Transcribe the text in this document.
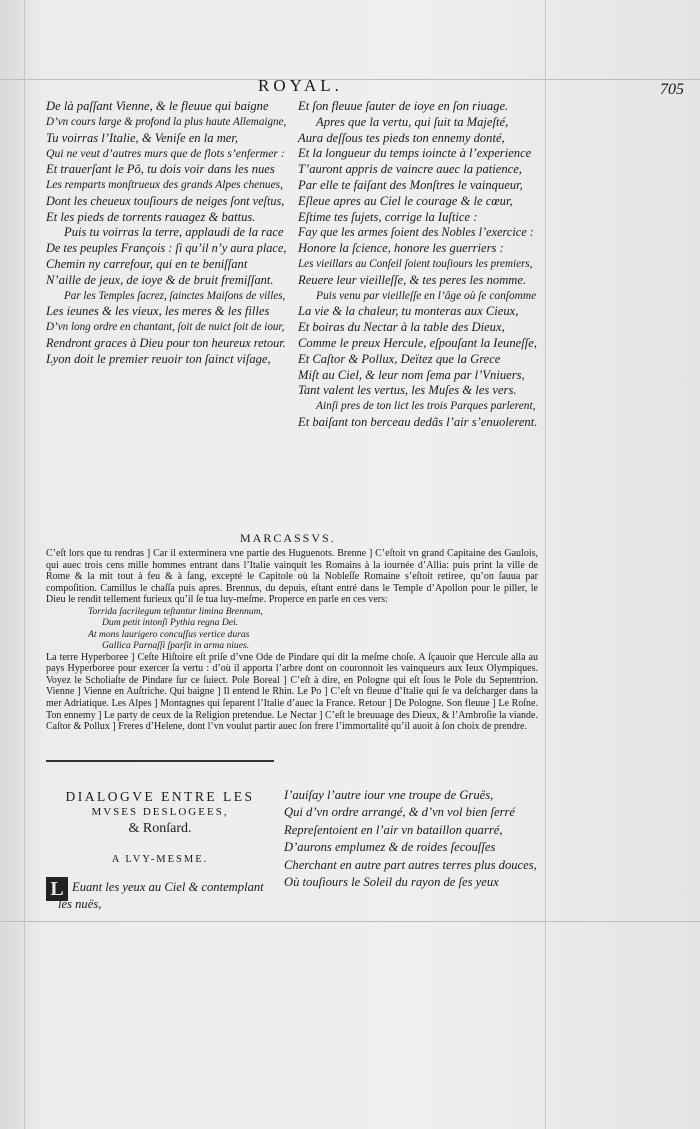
ROYAL.	705
De là paſſant Vienne, & le fleuue qui baigne
D’vn cours large & profond la plus haute Allemaigne,
Tu voirras l’Italie, & Veniſe en la mer,
Qui ne veut d’autres murs que de flots s’enfermer :
Et trauerſant le Pô, tu dois voir dans les nues
Les remparts monſtrueux des grands Alpes chenues,
Dont les cheueux touſiours de neiges ſont veſtus,
Et les pieds de torrents rauagez & battus.
Puis tu voirras la terre, applaudi de la race
De tes peuples François : ſi qu’il n’y aura place,
Chemin ny carrefour, qui en te beniſſant
N’aille de jeux, de ioye & de bruit fremiſſant.
Par les Temples ſacrez, ſainctes Maiſons de villes,
Les ieunes & les vieux, les meres & les filles
D’vn long ordre en chantant, ſoit de nuict ſoit de iour,
Rendront graces à Dieu pour ton heureux retour.
Lyon doit le premier reuoir ton ſainct viſage,
Et ſon fleuue ſauter de ioye en ſon riuage.
Apres que la vertu, qui ſuit ta Majeſté,
Aura deſſous tes pieds ton ennemy donté,
Et la longueur du temps ioincte à l’experience
T’auront appris de vaincre auec la patience,
Par elle te faiſant des Monſtres le vainqueur,
Eſleue apres au Ciel le courage & le cœur,
Eſtime tes ſujets, corrige la Iuſtice :
Fay que les armes ſoient des Nobles l’exercice :
Honore la ſcience, honore les guerriers :
Les vieillars au Conſeil ſoient touſiours les premiers,
Reuere leur vieilleſſe, & tes peres les nomme.
Puis venu par vieilleſſe en l’âge où ſe conſomme
La vie & la chaleur, tu monteras aux Cieux,
Et boiras du Nectar à la table des Dieux,
Comme le preux Hercule, eſpouſant la Ieuneſſe,
Et Caſtor & Pollux, Deïtez que la Grece
Miſt au Ciel, & leur nom ſema par l’Vniuers,
Tant valent les vertus, les Muſes & les vers.
Ainſi pres de ton lict les trois Parques parlerent,
Et baiſant ton berceau dedãs l’air s’enuolerent.
MARCASSVS.

C’eſt lors que tu rendras ] Car il exterminera vne partie des Huguenots. Brenne ] C’eſtoit vn grand Capitaine des Gaulois, qui auec trois cens mille hommes entrant dans l’Italie vainquit les Romains à la iournée d’Allia: puis print la ville de Rome & la mit tout à feu & à ſang, excepté le Capitole où la Nobleſſe Romaine s’eſtoit retiree, qu’on ſauua par compoſition. Camillus le chaſſa puis apres. Brennus, du depuis, eſtant entré dans le Temple d’Apollon pour le piller, le Dieu le rendit tellement furieux qu’il ſe tua luy-meſme. Properce en parle en ces vers:

Torrida ſacrilegum teſtantur limina Brennum,

Dum petit intonſi Pythia regna Dei.

At mons laurigero concuſſus vertice duras

Gallica Parnaſſi ſparſit in arma niues.

La terre Hyperboree ] Ceſte Hiſtoire eſt priſe d’vne Ode de Pindare qui dit la meſme choſe. A ſçauoir que Hercule alla au pays Hyperboree pour exercer ſa vertu : d’où il apporta l’arbre dont on couronnoit les vainqueurs aux Ieux Olympiques. Voyez le Scholiaſte de Pindare ſur ce ſuiect. Pole Boreal ] C’eſt à dire, en Pologne qui eſt ſous le Pole du Septentrion. Vienne ] Vienne en Auſtriche. Qui baigne ] Il entend le Rhin. Le Po ] C’eſt vn fleuue d’Italie qui ſe va deſcharger dans la mer Adriatique. Les Alpes ] Montagnes qui ſeparent l’Italie d’auec la France. Retour ] De Pologne. Son fleuue ] Le Roſne. Ton ennemy ] Le party de ceux de la Religion pretendue. Le Nectar ] C’eſt le breuuage des Dieux, & l’Ambroſie la viande. Caſtor & Pollux ] Freres d’Helene, dont l’vn voulut partir auec ſon frere l’immortalité qu’il auoit à ſon choix de prendre.

DIALOGVE ENTRE LES
MVSES DESLOGEES,
& Ronſard.
A LVY-MESME.
L Euant les yeux au Ciel & contemplant
les nuës,
I’auiſay l’autre iour vne troupe de Gruës,
Qui d’vn ordre arrangé, & d’vn vol bien ſerré
Repreſentoient en l’air vn bataillon quarré,
D’aurons emplumez & de roides ſecouſſes
Cherchant en autre part autres terres plus douces,
Où touſiours le Soleil du rayon de ſes yeux
